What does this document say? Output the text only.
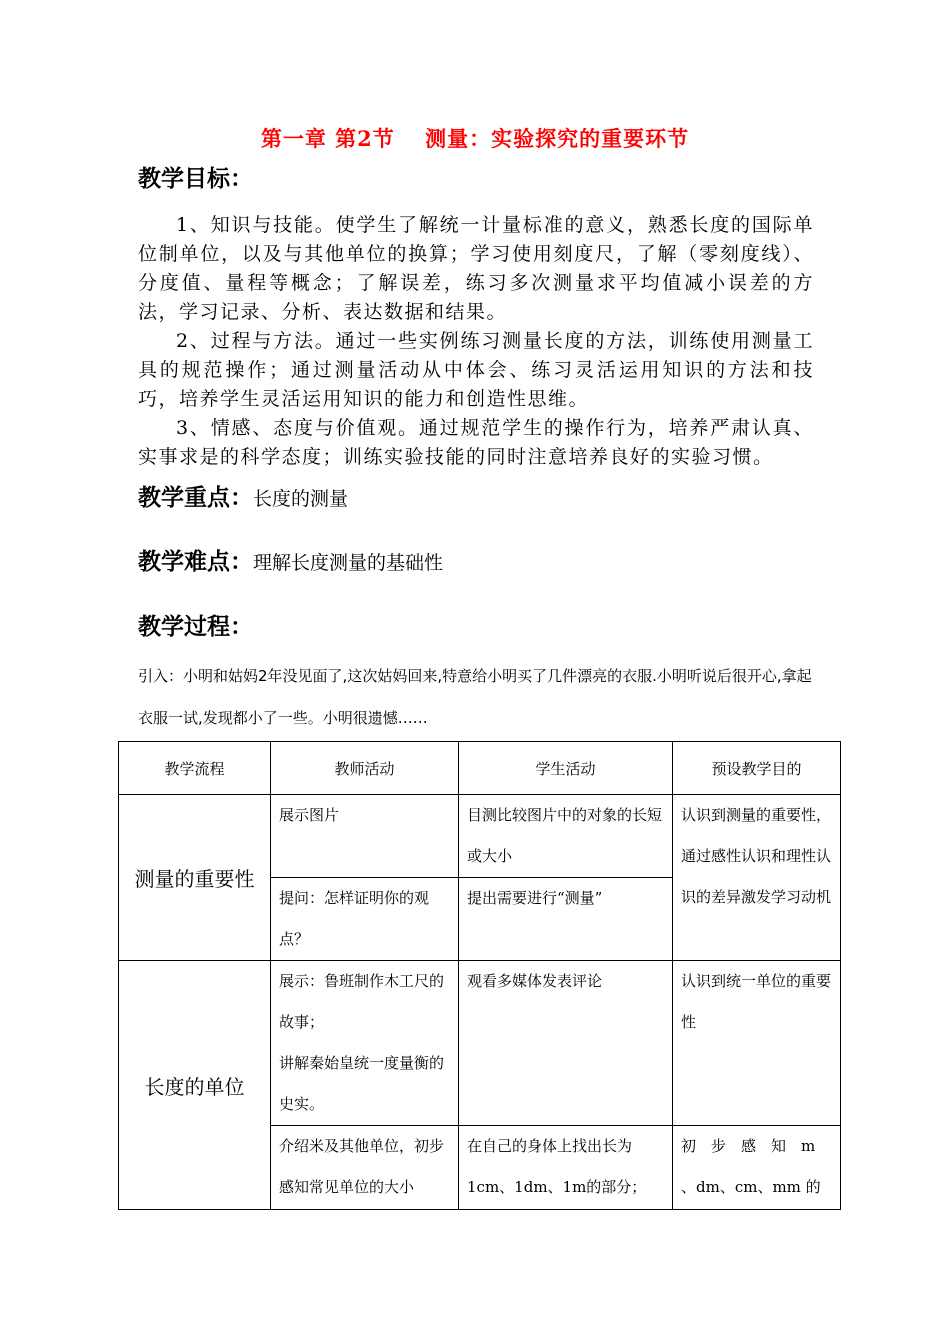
第一章 第2节　 测量：实验探究的重要环节
教学目标：

1、知识与技能。使学生了解统一计量标准的意义，熟悉长度的国际单位制单位，以及与其他单位的换算；学习使用刻度尺，了解（零刻度线）、分度值、量程等概念；了解误差，练习多次测量求平均值减小误差的方法，学习记录、分析、表达数据和结果。

2、过程与方法。通过一些实例练习测量长度的方法，训练使用测量工具的规范操作；通过测量活动从中体会、练习灵活运用知识的方法和技巧，培养学生灵活运用知识的能力和创造性思维。

3、情感、态度与价值观。通过规范学生的操作行为，培养严肃认真、实事求是的科学态度；训练实验技能的同时注意培养良好的实验习惯。

教学重点：长度的测量
教学难点：理解长度测量的基础性
教学过程：
引入：小明和姑妈2年没见面了,这次姑妈回来,特意给小明买了几件漂亮的衣服.小明听说后很开心,拿起衣服一试,发现都小了一些。小明很遗憾……
教学流程	教师活动	学生活动	预设教学目的
测量的重要性	展示图片	目测比较图片中的对象的长短或大小	认识到测量的重要性，通过感性认识和理性认识的差异激发学习动机
	提问：怎样证明你的观点？	提出需要进行“测量”	
长度的单位	展示：鲁班制作木工尺的故事；
讲解秦始皇统一度量衡的史实。	观看多媒体发表评论	认识到统一单位的重要性
	介绍米及其他单位，初步感知常见单位的大小	在自己的身体上找出长为1cm、1dm、1m的部分；	初　步　感　知　m
、dm、cm、mm 的
